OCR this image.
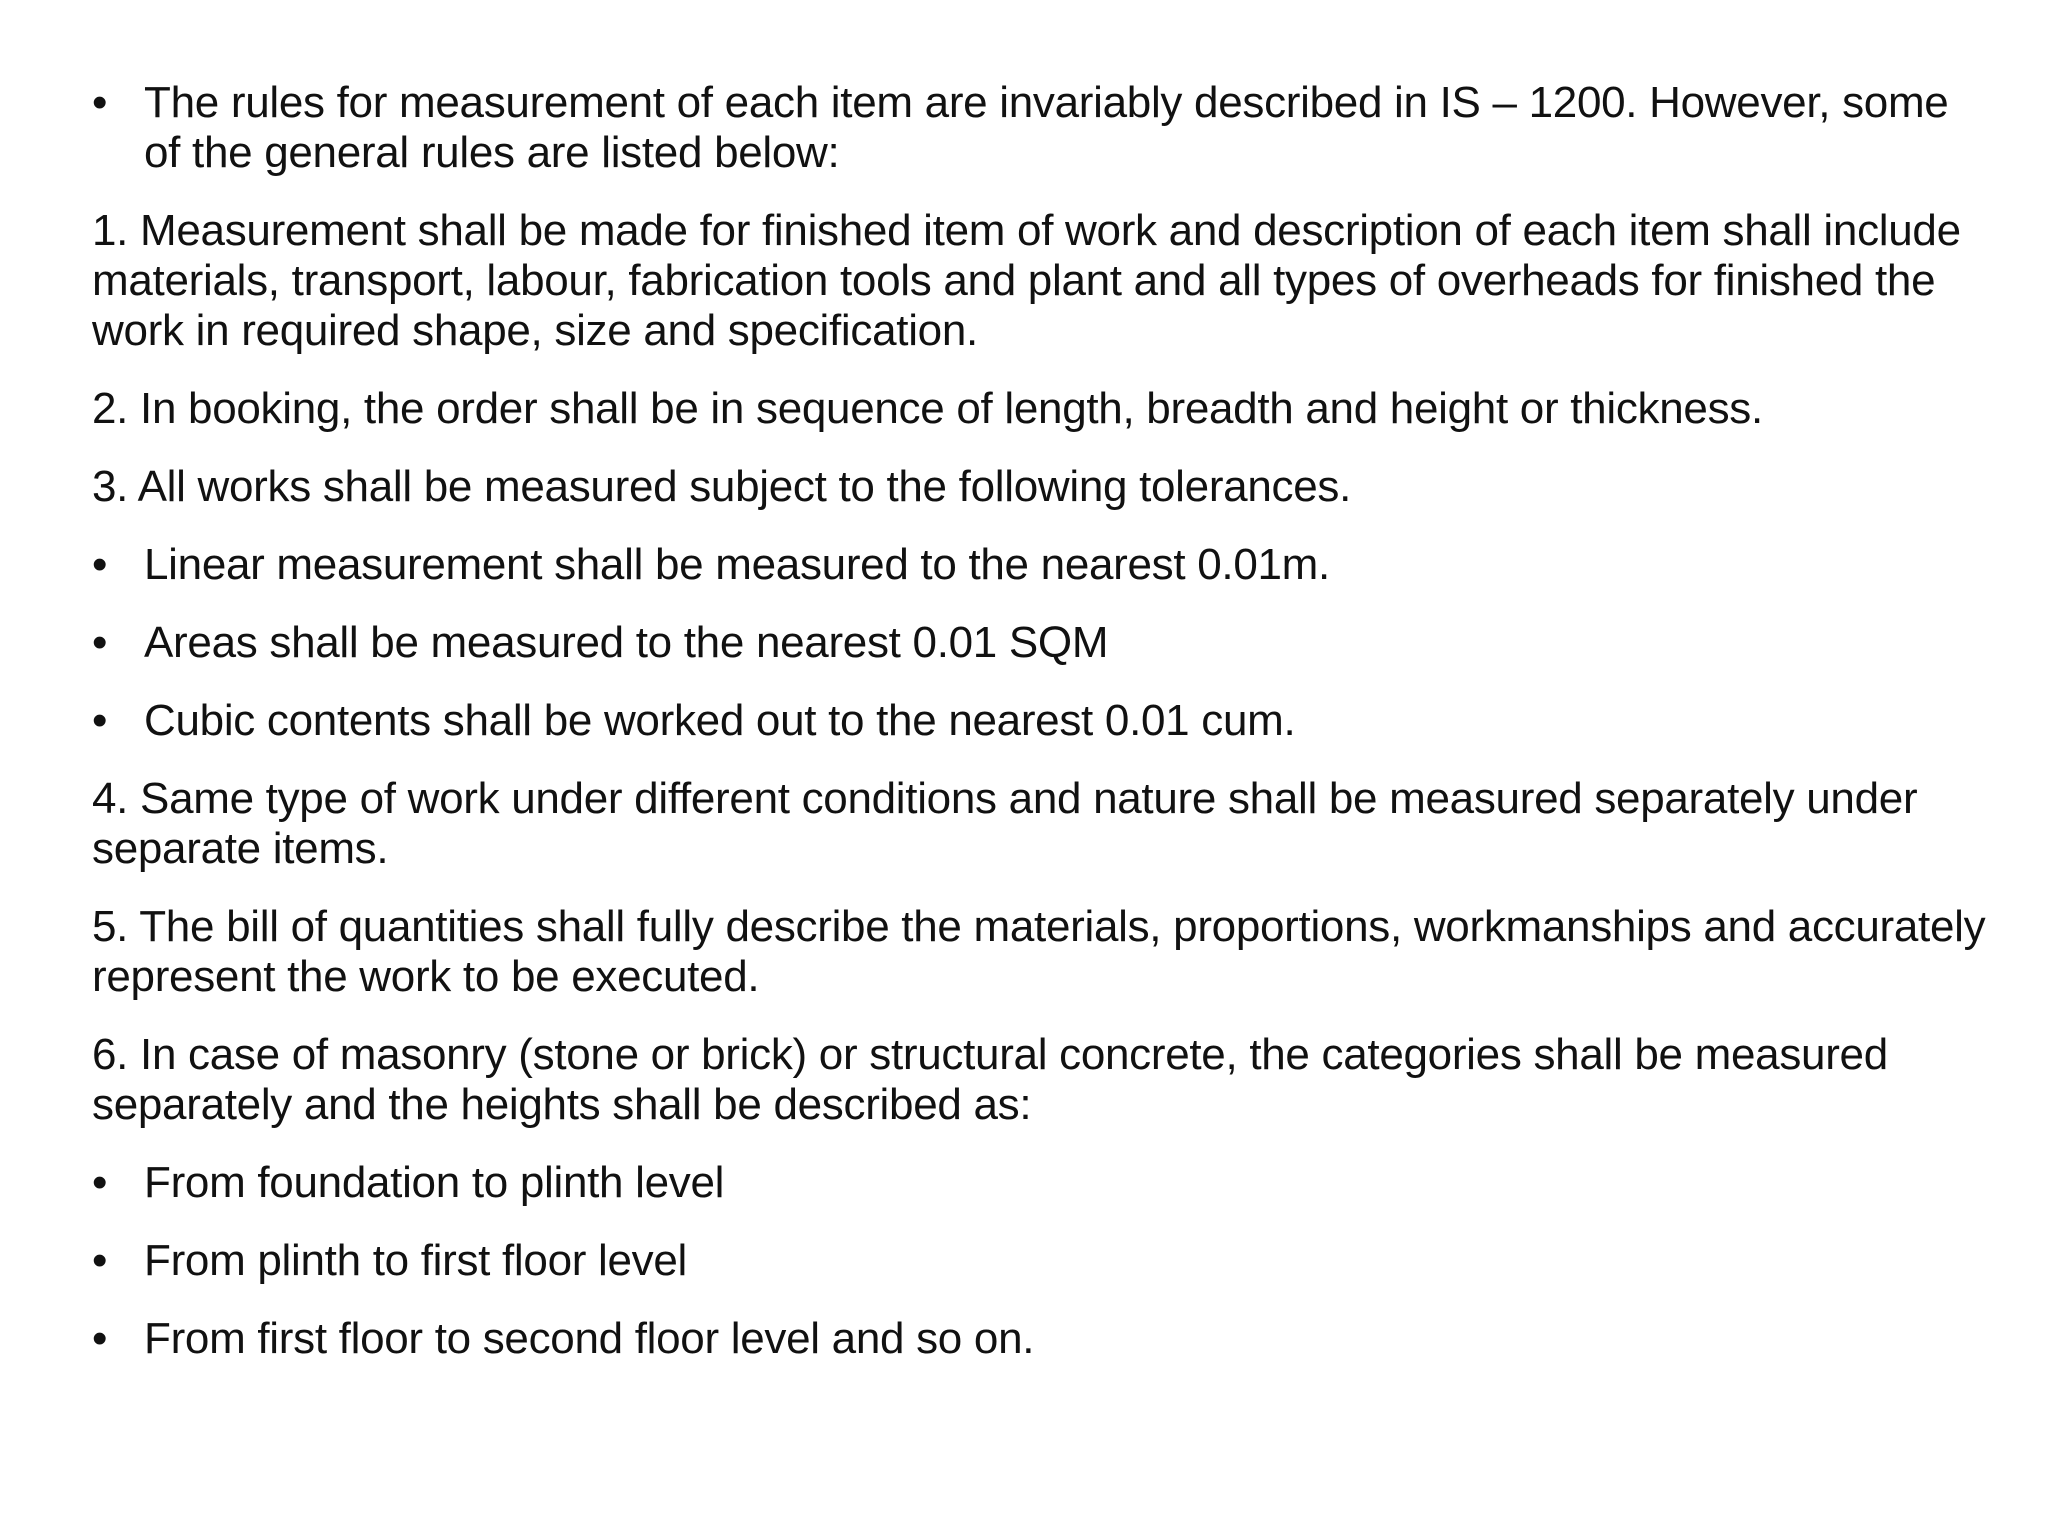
• The rules for measurement of each item are invariably described in IS – 1200. However, some of the general rules are listed below:
1. Measurement shall be made for finished item of work and description of each item shall include materials, transport, labour, fabrication tools and plant and all types of overheads for finished the work in required shape, size and specification.
2. In booking, the order shall be in sequence of length, breadth and height or thickness.
3. All works shall be measured subject to the following tolerances.
• Linear measurement shall be measured to the nearest 0.01m.
• Areas shall be measured to the nearest 0.01 SQM
• Cubic contents shall be worked out to the nearest 0.01 cum.
4. Same type of work under different conditions and nature shall be measured separately under separate items.
5. The bill of quantities shall fully describe the materials, proportions, workmanships and accurately represent the work to be executed.
6. In case of masonry (stone or brick) or structural concrete, the categories shall be measured separately and the heights shall be described as:
• From foundation to plinth level
• From plinth to first floor level
• From first floor to second floor level and so on.
